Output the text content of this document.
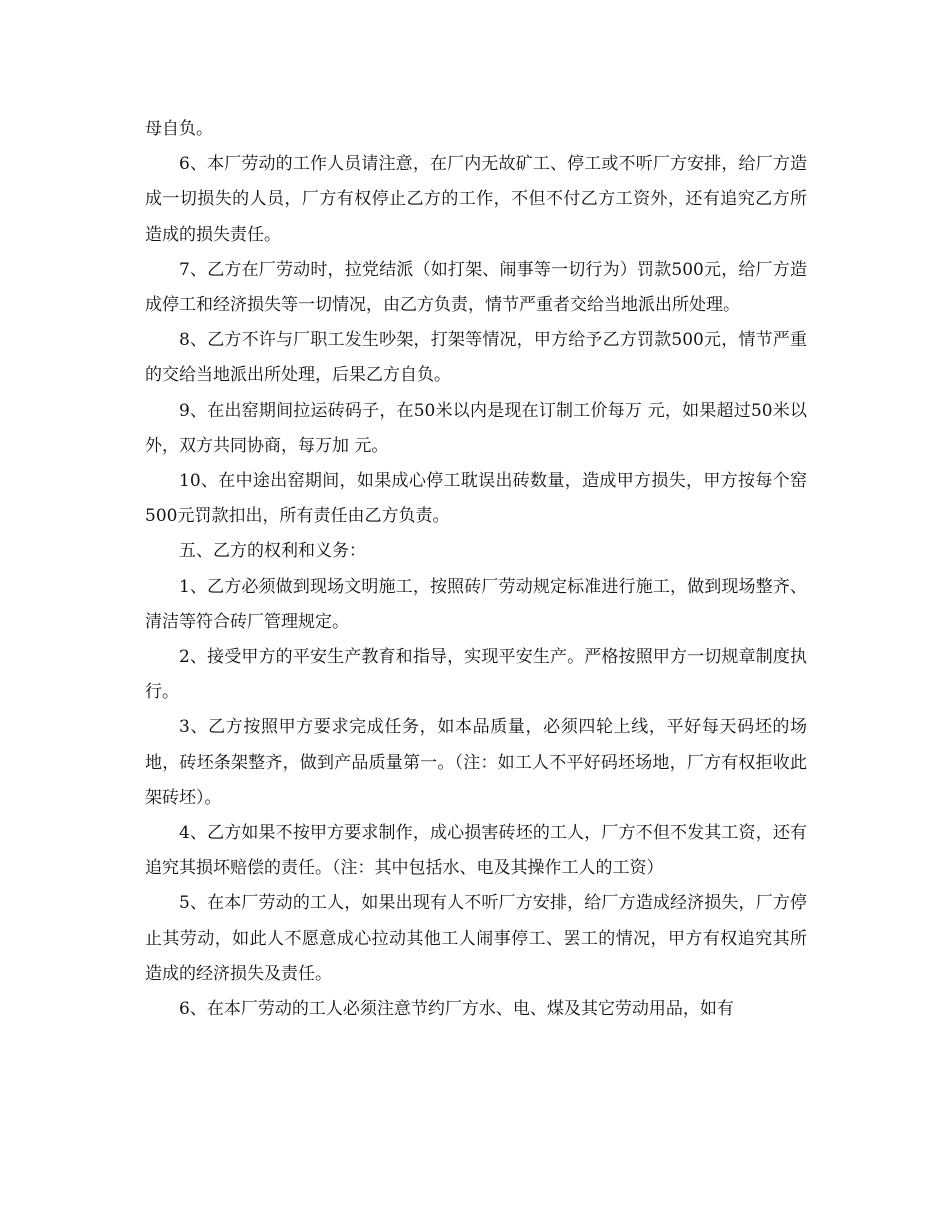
母自负。

6、本厂劳动的工作人员请注意，在厂内无故矿工、停工或不听厂方安排，给厂方造成一切损失的人员，厂方有权停止乙方的工作，不但不付乙方工资外，还有追究乙方所造成的损失责任。

7、乙方在厂劳动时，拉党结派（如打架、闹事等一切行为）罚款500元，给厂方造成停工和经济损失等一切情况，由乙方负责，情节严重者交给当地派出所处理。

8、乙方不许与厂职工发生吵架，打架等情况，甲方给予乙方罚款500元，情节严重的交给当地派出所处理，后果乙方自负。

9、在出窑期间拉运砖码子，在50米以内是现在订制工价每万 元，如果超过50米以外，双方共同协商，每万加 元。

10、在中途出窑期间，如果成心停工耽误出砖数量，造成甲方损失，甲方按每个窑500元罚款扣出，所有责任由乙方负责。

五、乙方的权利和义务：

1、乙方必须做到现场文明施工，按照砖厂劳动规定标准进行施工，做到现场整齐、清洁等符合砖厂管理规定。

2、接受甲方的平安生产教育和指导，实现平安生产。严格按照甲方一切规章制度执行。

3、乙方按照甲方要求完成任务，如本品质量，必须四轮上线，平好每天码坯的场地，砖坯条架整齐，做到产品质量第一。（注：如工人不平好码坯场地，厂方有权拒收此架砖坯）。

4、乙方如果不按甲方要求制作，成心损害砖坯的工人，厂方不但不发其工资，还有追究其损坏赔偿的责任。（注：其中包括水、电及其操作工人的工资）

5、在本厂劳动的工人，如果出现有人不听厂方安排，给厂方造成经济损失，厂方停止其劳动，如此人不愿意成心拉动其他工人闹事停工、罢工的情况，甲方有权追究其所造成的经济损失及责任。

6、在本厂劳动的工人必须注意节约厂方水、电、煤及其它劳动用品，如有
